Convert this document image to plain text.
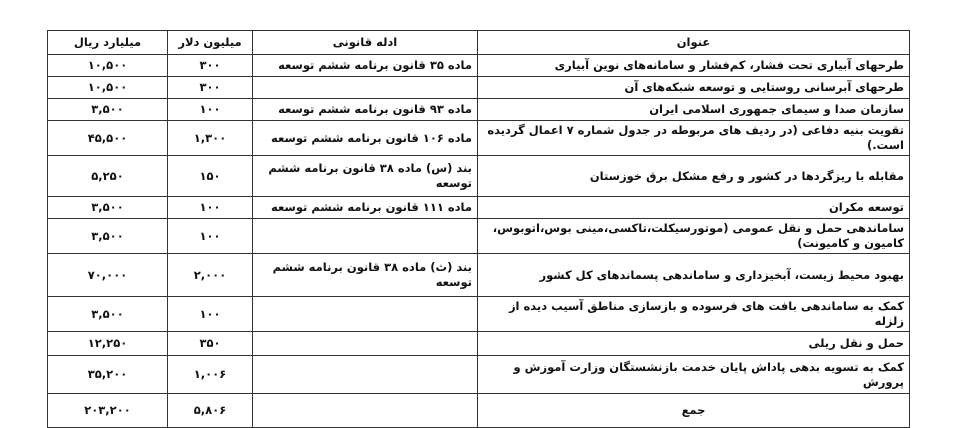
عنوان	ادله قانونی	میلیون دلار	میلیارد ریال
طرحهای آبیاری تحت فشار، کم‌فشار و سامانه‌های نوین آبیاری	ماده ۳۵ قانون برنامه ششم توسعه	۳۰۰	۱۰,۵۰۰
طرحهای آبرسانی روستایی و توسعه شبکه‌های آن		۳۰۰	۱۰,۵۰۰
سازمان صدا و سیمای جمهوری اسلامی ایران	ماده ۹۳ قانون برنامه ششم توسعه	۱۰۰	۳,۵۰۰
تقویت بنیه دفاعی (در ردیف های مربوطه در جدول شماره ۷ اعمال گردیده است.)	ماده ۱۰۶ قانون برنامه ششم توسعه	۱,۳۰۰	۴۵,۵۰۰
مقابله با ریزگردها در کشور و رفع مشکل برق خوزستان	بند (س) ماده ۳۸ قانون برنامه ششم توسعه	۱۵۰	۵,۲۵۰
توسعه مکران	ماده ۱۱۱ قانون برنامه ششم توسعه	۱۰۰	۳,۵۰۰
ساماندهی حمل و نقل عمومی (موتورسیکلت،تاکسی،مینی بوس،اتوبوس، کامیون و کامیونت)		۱۰۰	۳,۵۰۰
بهبود محیط زیست، آبخیزداری و ساماندهی پسماندهای کل کشور	بند (ث) ماده ۳۸ قانون برنامه ششم توسعه	۲,۰۰۰	۷۰,۰۰۰
کمک به ساماندهی بافت های فرسوده و بازسازی مناطق آسیب دیده از زلزله		۱۰۰	۳,۵۰۰
حمل و نقل ریلی		۳۵۰	۱۲,۲۵۰
کمک به تسویه بدهی پاداش پایان خدمت بازنشستگان وزارت آموزش و پرورش		۱,۰۰۶	۳۵,۲۰۰
جمع		۵,۸۰۶	۲۰۳,۲۰۰
